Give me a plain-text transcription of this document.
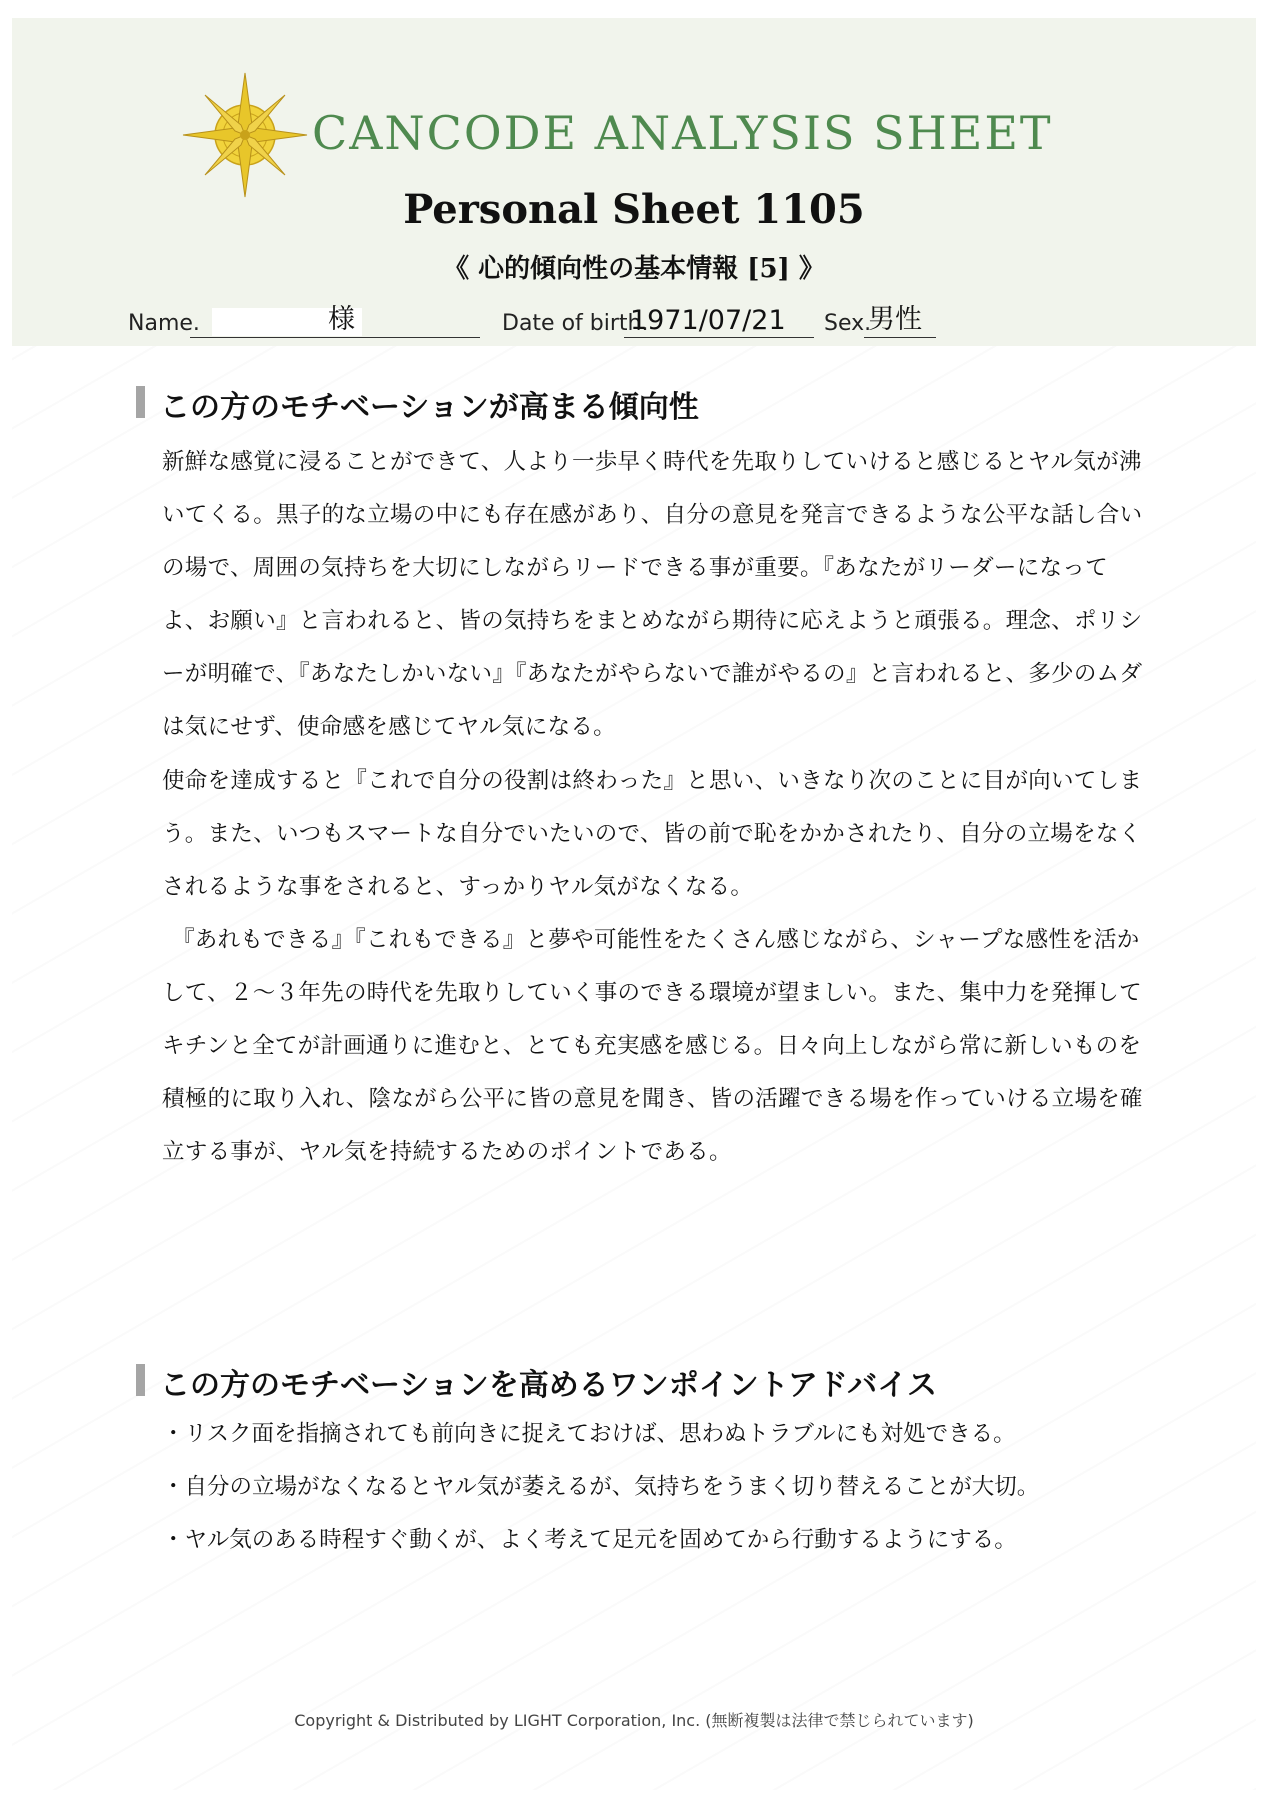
CANCODE ANALYSIS SHEET
Personal Sheet 1105
《 心的傾向性の基本情報 [5] 》
Name.	様	Date of birth.
1971/07/21 Sex.
男性
この方のモチベーションが高まる傾向性

新鮮な感覚に浸ることができて、人より一歩早く時代を先取りしていけると感じるとヤル気が沸いてくる。黒子的な立場の中にも存在感があり、自分の意見を発言できるような公平な話し合いの場で、周囲の気持ちを大切にしながらリードできる事が重要。『あなたがリーダーになってよ、お願い』と言われると、皆の気持ちをまとめながら期待に応えようと頑張る。理念、ポリシーが明確で、『あなたしかいない』『あなたがやらないで誰がやるの』と言われると、多少のムダは気にせず、使命感を感じてヤル気になる。

使命を達成すると『これで自分の役割は終わった』と思い、いきなり次のことに目が向いてしまう。また、いつもスマートな自分でいたいので、皆の前で恥をかかされたり、自分の立場をなくされるような事をされると、すっかりヤル気がなくなる。

『あれもできる』『これもできる』と夢や可能性をたくさん感じながら、シャープな感性を活かして、２～３年先の時代を先取りしていく事のできる環境が望ましい。また、集中力を発揮してキチンと全てが計画通りに進むと、とても充実感を感じる。日々向上しながら常に新しいものを積極的に取り入れ、陰ながら公平に皆の意見を聞き、皆の活躍できる場を作っていける立場を確立する事が、ヤル気を持続するためのポイントである。

この方のモチベーションを高めるワンポイントアドバイス
・リスク面を指摘されても前向きに捉えておけば、思わぬトラブルにも対処できる。
・自分の立場がなくなるとヤル気が萎えるが、気持ちをうまく切り替えることが大切。
・ヤル気のある時程すぐ動くが、よく考えて足元を固めてから行動するようにする。
Copyright & Distributed by LIGHT Corporation, Inc. (無断複製は法律で禁じられています)
